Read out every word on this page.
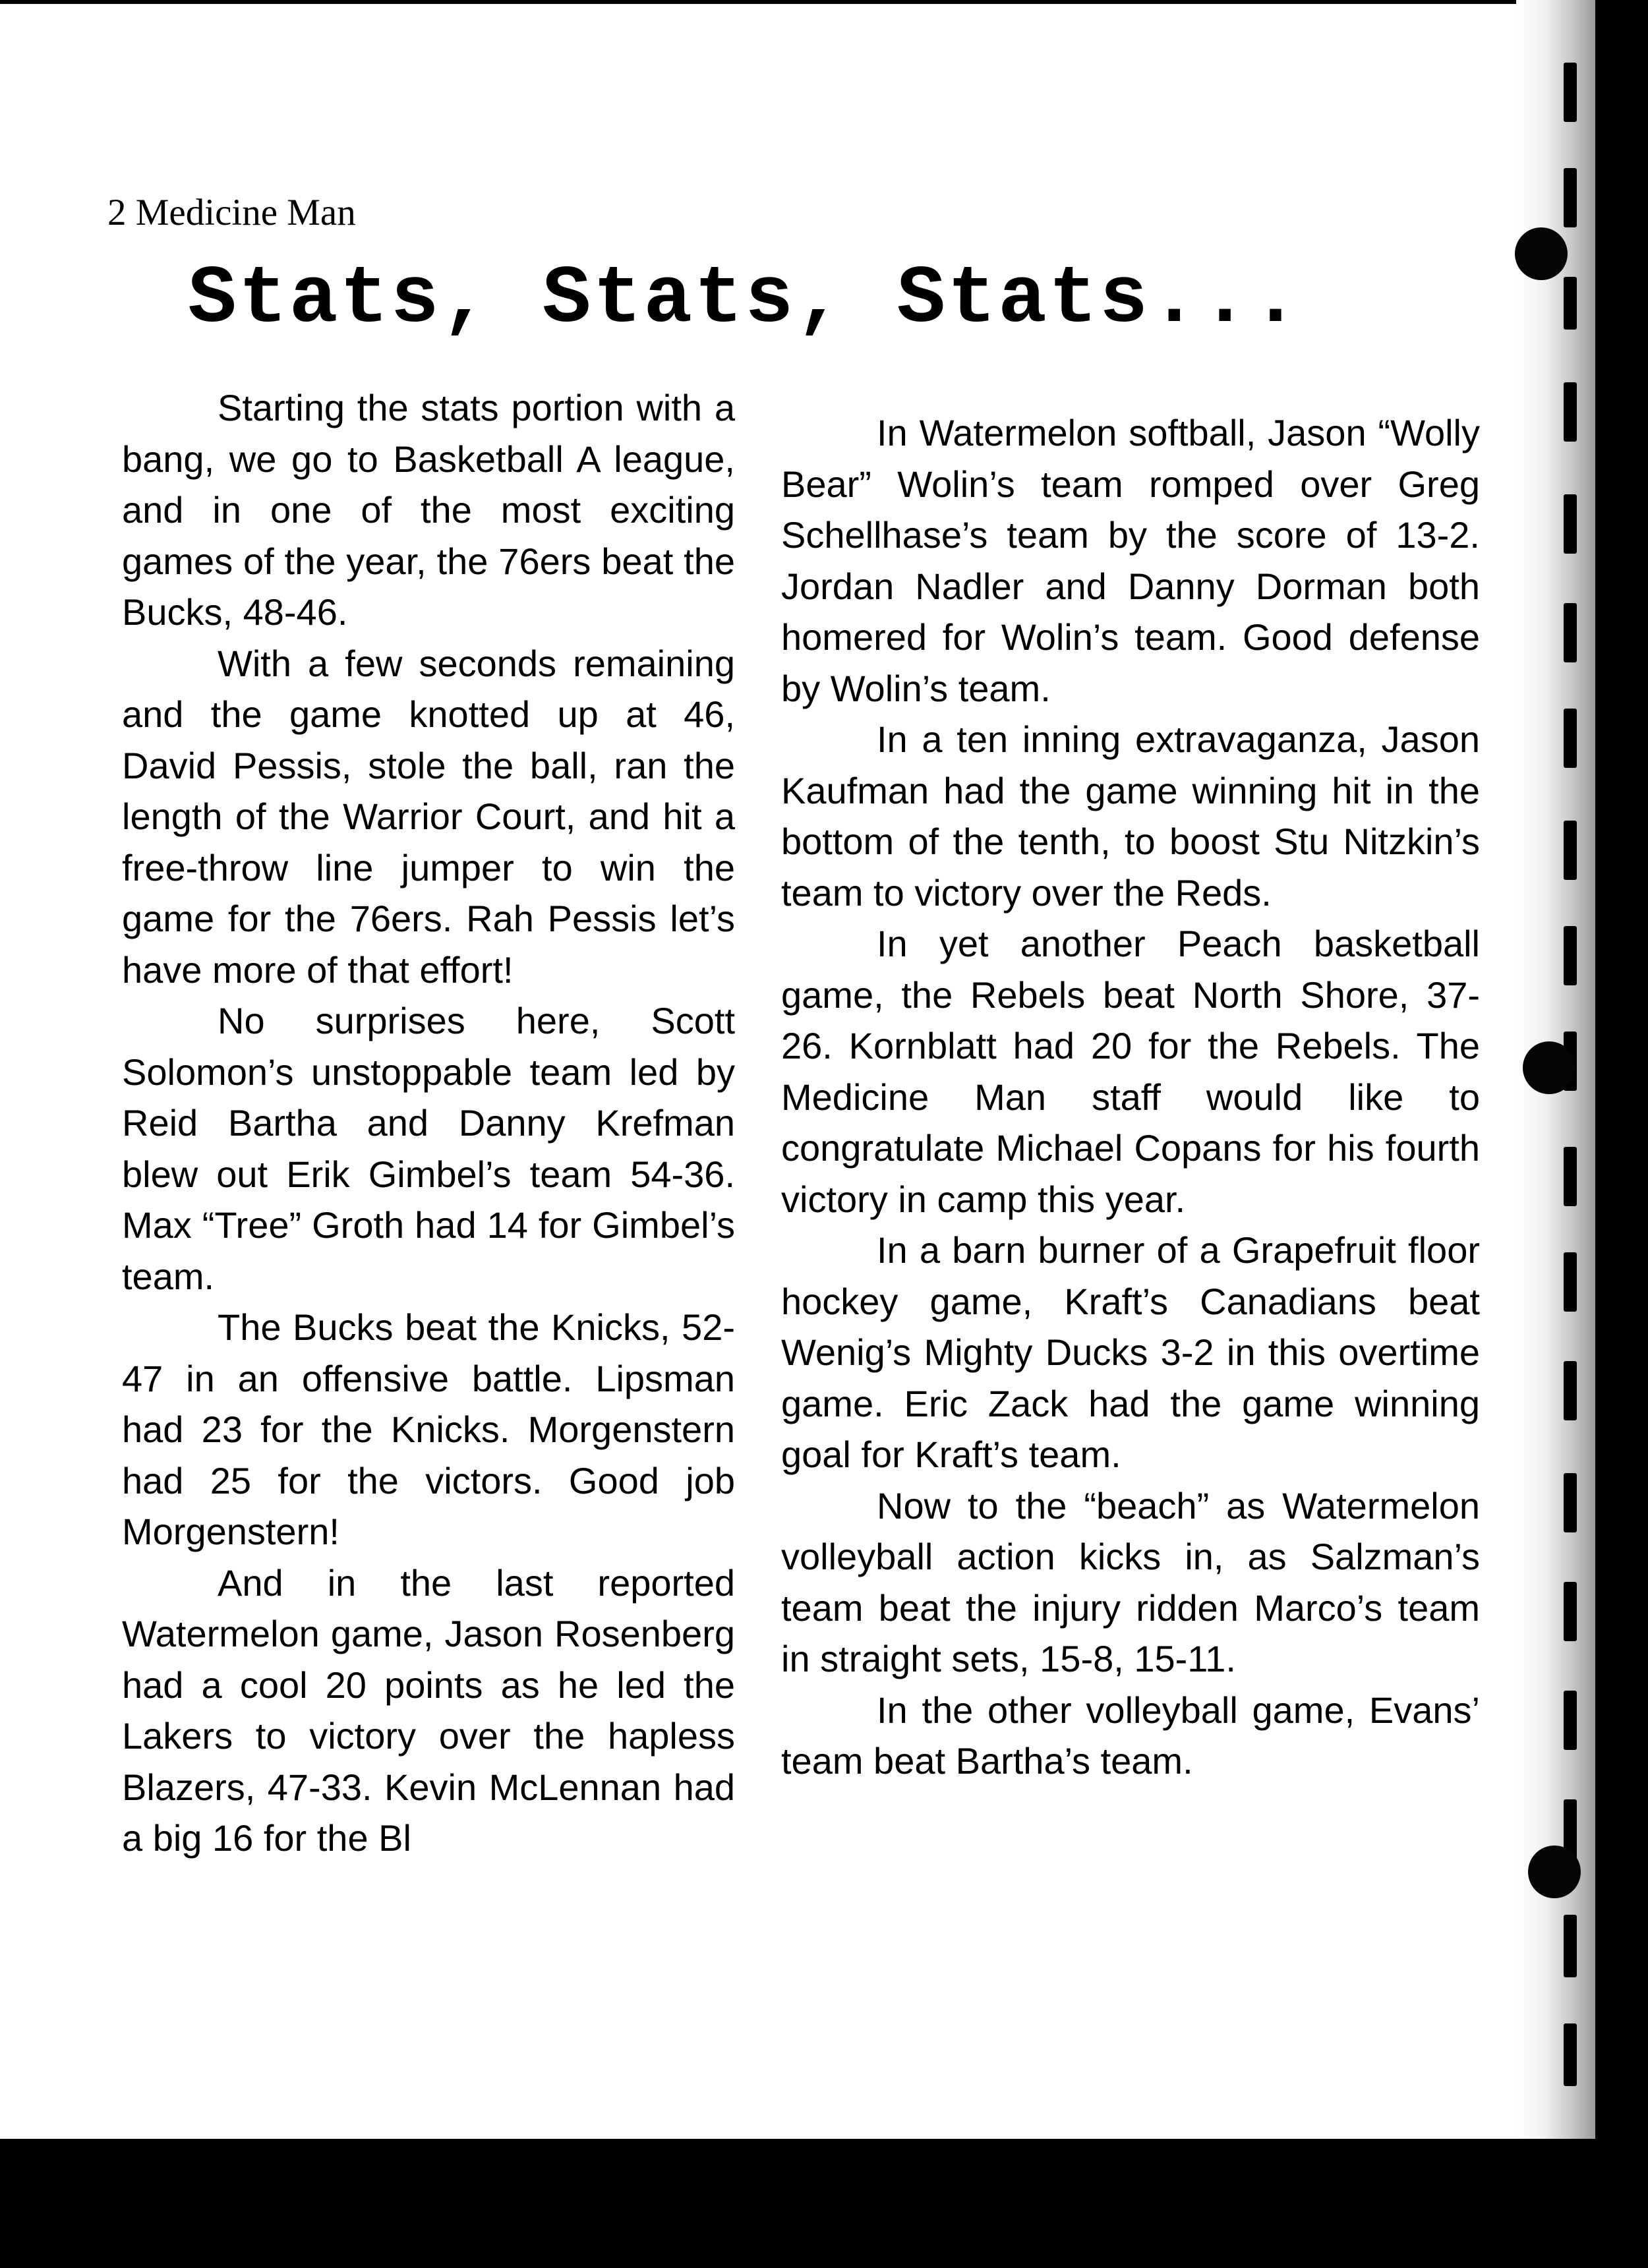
2 Medicine Man
Stats, Stats, Stats...

Starting the stats portion with a bang, we go to Basketball A league, and in one of the most exciting games of the year, the 76ers beat the Bucks, 48-46.

With a few seconds remaining and the game knotted up at 46, David Pessis, stole the ball, ran the length of the Warrior Court, and hit a free-throw line jumper to win the game for the 76ers. Rah Pessis let’s have more of that effort!

No surprises here, Scott Solomon’s unstoppable team led by Reid Bartha and Danny Krefman blew out Erik Gimbel’s team 54-36. Max “Tree” Groth had 14 for Gimbel’s team.

The Bucks beat the Knicks, 52-47 in an offensive battle. Lipsman had 23 for the Knicks. Morgenstern had 25 for the victors. Good job Morgenstern!

And in the last reported Watermelon game, Jason Rosenberg had a cool 20 points as he led the Lakers to victory over the hapless Blazers, 47-33. Kevin McLennan had a big 16 for the Bl

In Watermelon softball, Jason “Wolly Bear” Wolin’s team romped over Greg Schellhase’s team by the score of 13-2. Jordan Nadler and Danny Dorman both homered for Wolin’s team. Good defense by Wolin’s team.

In a ten inning extravaganza, Jason Kaufman had the game winning hit in the bottom of the tenth, to boost Stu Nitzkin’s team to victory over the Reds.

In yet another Peach basketball game, the Rebels beat North Shore, 37-26. Kornblatt had 20 for the Rebels. The Medicine Man staff would like to congratulate Michael Copans for his fourth victory in camp this year.

In a barn burner of a Grapefruit floor hockey game, Kraft’s Canadians beat Wenig’s Mighty Ducks 3-2 in this overtime game. Eric Zack had the game winning goal for Kraft’s team.

Now to the “beach” as Watermelon volleyball action kicks in, as Salzman’s team beat the injury ridden Marco’s team in straight sets, 15-8, 15-11.

In the other volleyball game, Evans’ team beat Bartha’s team.
